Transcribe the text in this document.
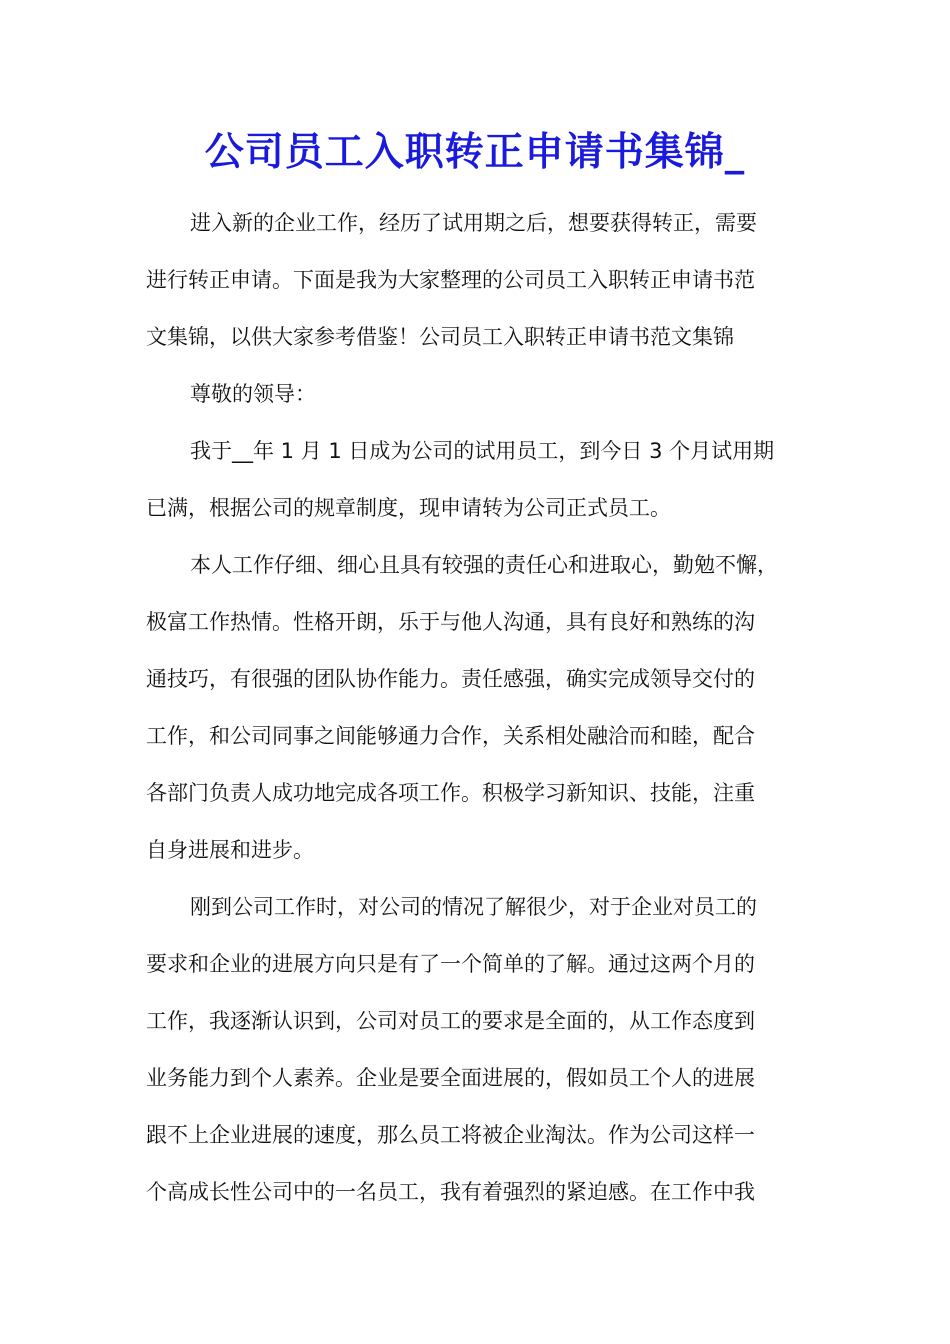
公司员工入职转正申请书集锦_
进入新的企业工作，经历了试用期之后，想要获得转正，需要
进行转正申请。下面是我为大家整理的公司员工入职转正申请书范
文集锦，以供大家参考借鉴！公司员工入职转正申请书范文集锦
尊敬的领导：
我于__年 1 月 1 日成为公司的试用员工，到今日 3 个月试用期
已满，根据公司的规章制度，现申请转为公司正式员工。
本人工作仔细、细心且具有较强的责任心和进取心，勤勉不懈，
极富工作热情。性格开朗，乐于与他人沟通，具有良好和熟练的沟
通技巧，有很强的团队协作能力。责任感强，确实完成领导交付的
工作，和公司同事之间能够通力合作，关系相处融洽而和睦，配合
各部门负责人成功地完成各项工作。积极学习新知识、技能，注重
自身进展和进步。
刚到公司工作时，对公司的情况了解很少，对于企业对员工的
要求和企业的进展方向只是有了一个简单的了解。通过这两个月的
工作，我逐渐认识到，公司对员工的要求是全面的，从工作态度到
业务能力到个人素养。企业是要全面进展的，假如员工个人的进展
跟不上企业进展的速度，那么员工将被企业淘汰。作为公司这样一
个高成长性公司中的一名员工，我有着强烈的紧迫感。在工作中我
